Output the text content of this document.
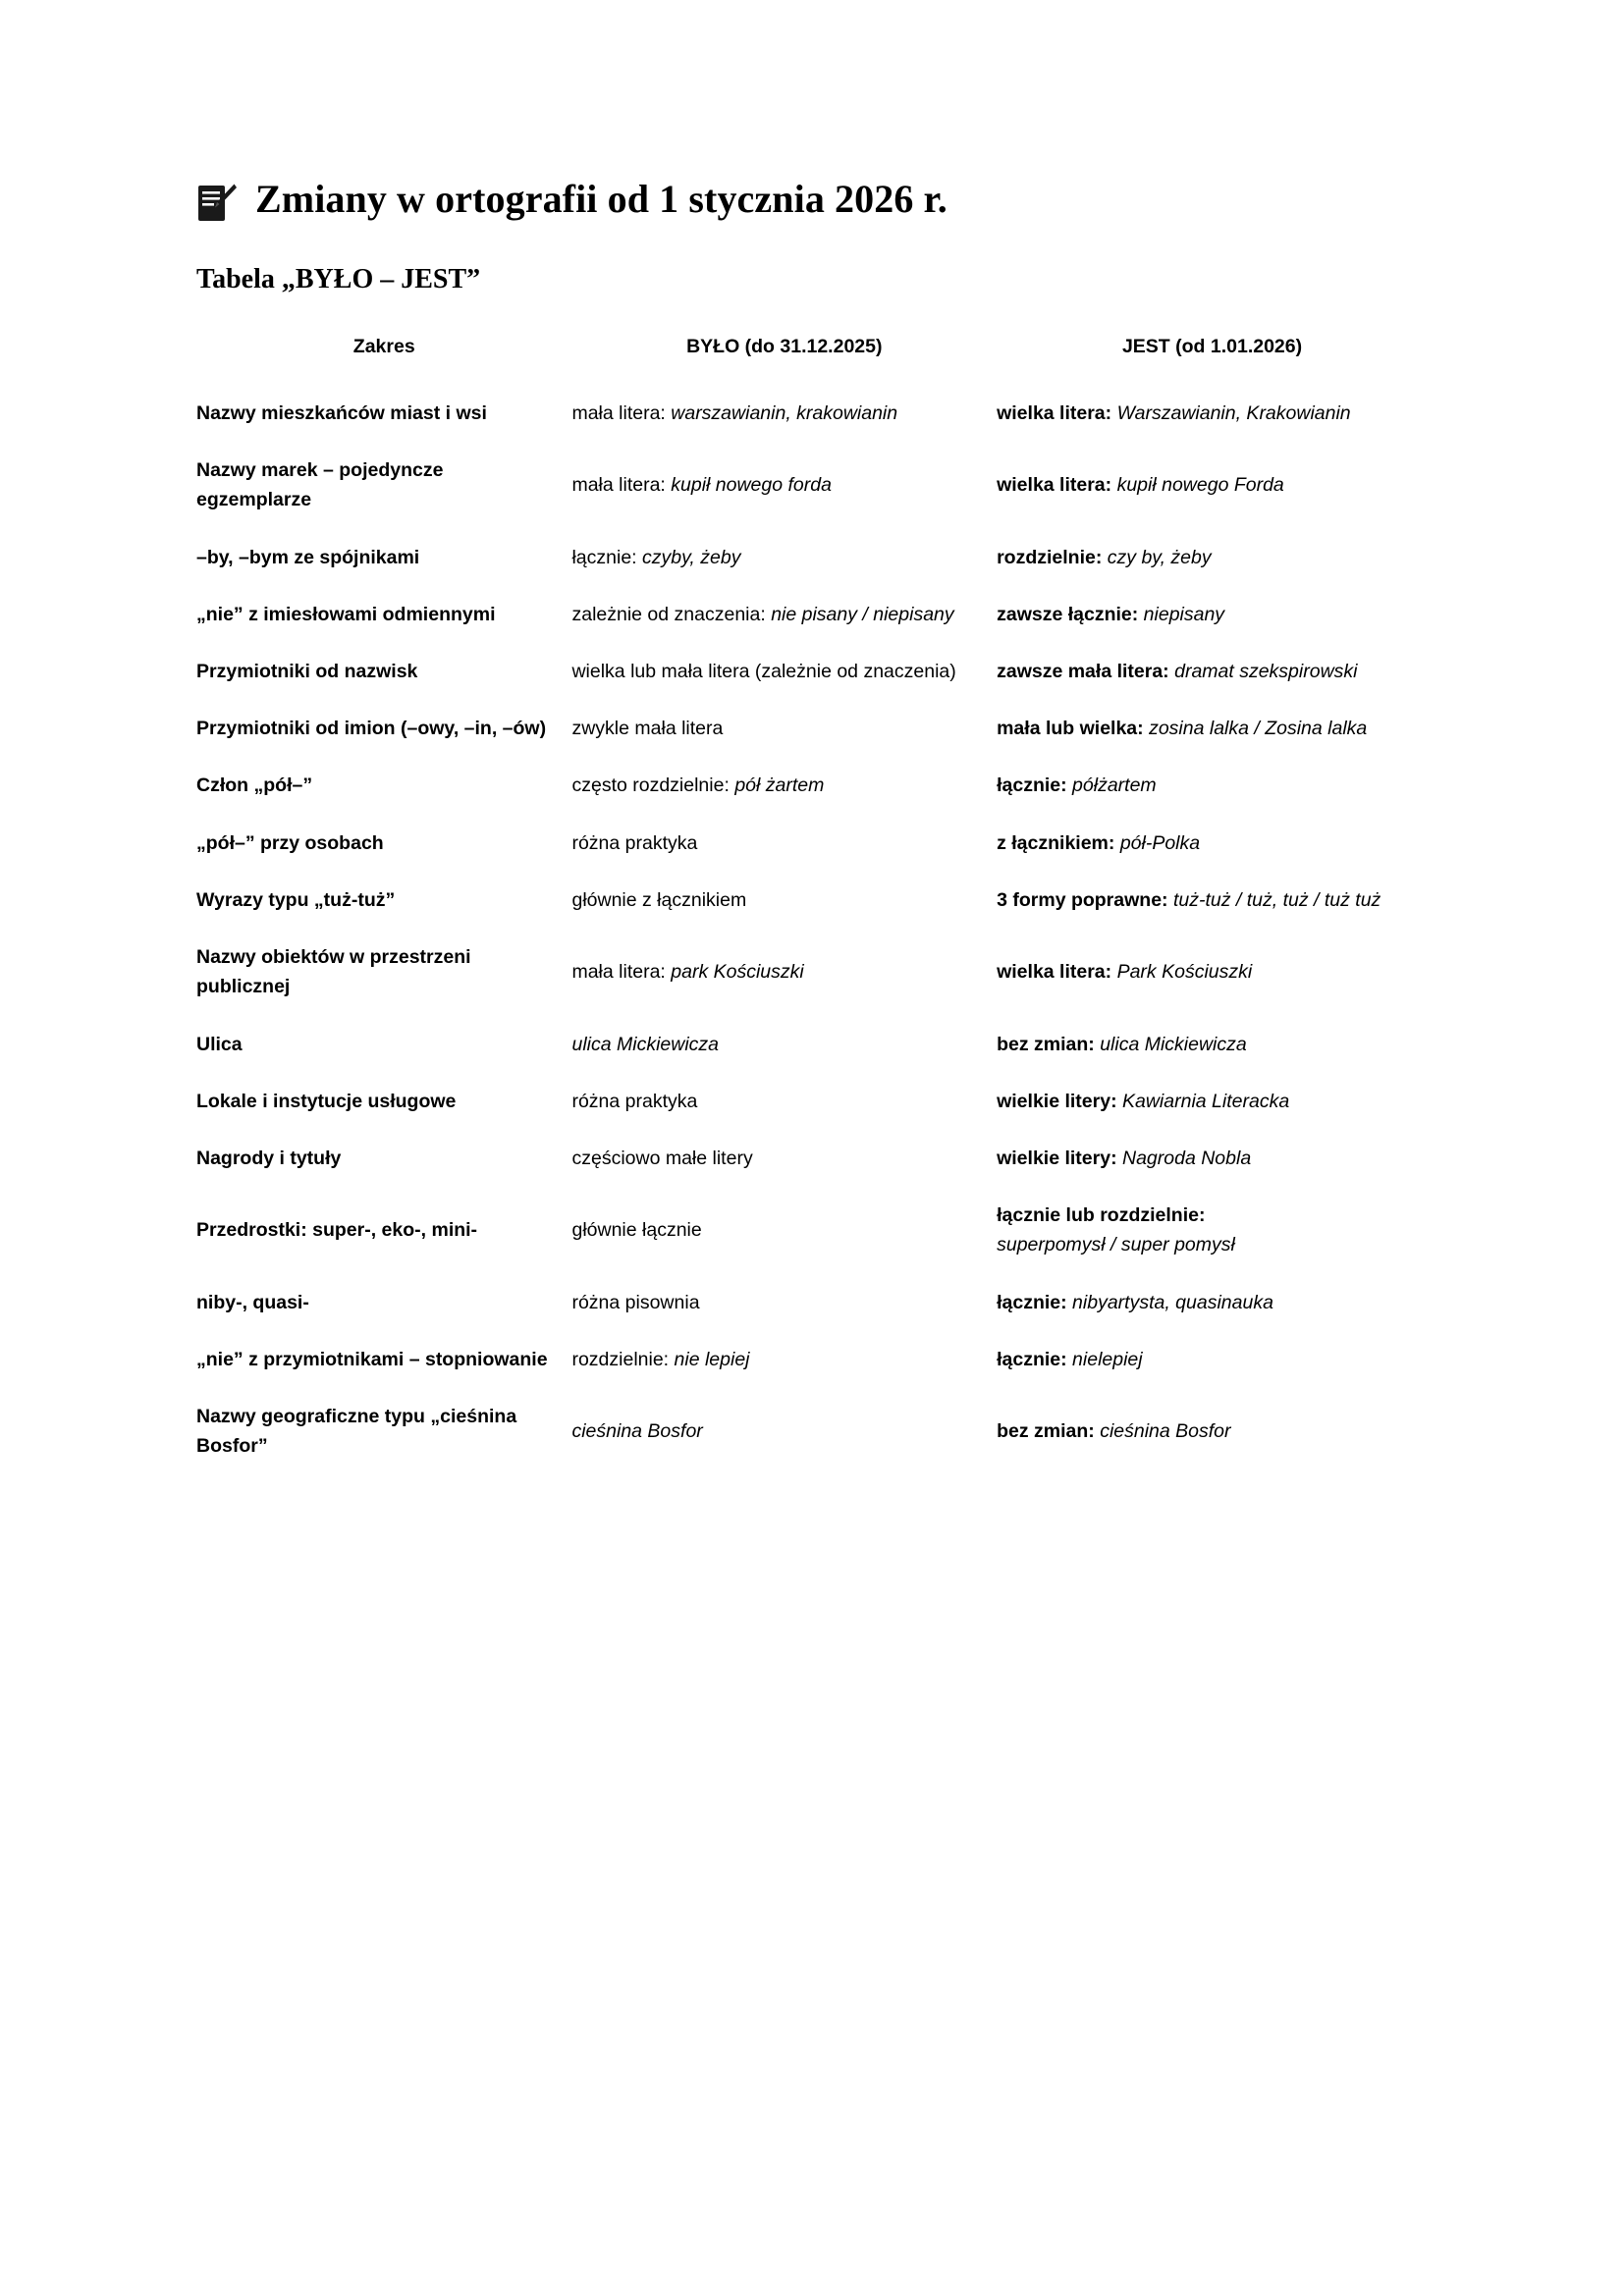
Zmiany w ortografii od 1 stycznia 2026 r.
Tabela „BYŁO – JEST”
Zakres	BYŁO (do 31.12.2025)	JEST (od 1.01.2026)
Nazwy mieszkańców miast i wsi	mała litera: warszawianin, krakowianin	wielka litera: Warszawianin, Krakowianin
Nazwy marek – pojedyncze egzemplarze	mała litera: kupił nowego forda	wielka litera: kupił nowego Forda
–by, –bym ze spójnikami	łącznie: czyby, żeby	rozdzielnie: czy by, żeby
„nie” z imiesłowami odmiennymi	zależnie od znaczenia: nie pisany / niepisany	zawsze łącznie: niepisany
Przymiotniki od nazwisk	wielka lub mała litera (zależnie od znaczenia)	zawsze mała litera: dramat szekspirowski
Przymiotniki od imion (–owy, –in, –ów)	zwykle mała litera	mała lub wielka: zosina lalka / Zosina lalka
Człon „pół–”	często rozdzielnie: pół żartem	łącznie: półżartem
„pół–” przy osobach	różna praktyka	z łącznikiem: pół-Polka
Wyrazy typu „tuż-tuż”	głównie z łącznikiem	3 formy poprawne: tuż-tuż / tuż, tuż / tuż tuż
Nazwy obiektów w przestrzeni publicznej	mała litera: park Kościuszki	wielka litera: Park Kościuszki
Ulica	ulica Mickiewicza	bez zmian: ulica Mickiewicza
Lokale i instytucje usługowe	różna praktyka	wielkie litery: Kawiarnia Literacka
Nagrody i tytuły	częściowo małe litery	wielkie litery: Nagroda Nobla
Przedrostki: super-, eko-, mini-	głównie łącznie	łącznie lub rozdzielnie:
superpomysł / super pomysł
niby-, quasi-	różna pisownia	łącznie: nibyartysta, quasinauka
„nie” z przymiotnikami – stopniowanie	rozdzielnie: nie lepiej	łącznie: nielepiej
Nazwy geograficzne typu „cieśnina Bosfor”	cieśnina Bosfor	bez zmian: cieśnina Bosfor
